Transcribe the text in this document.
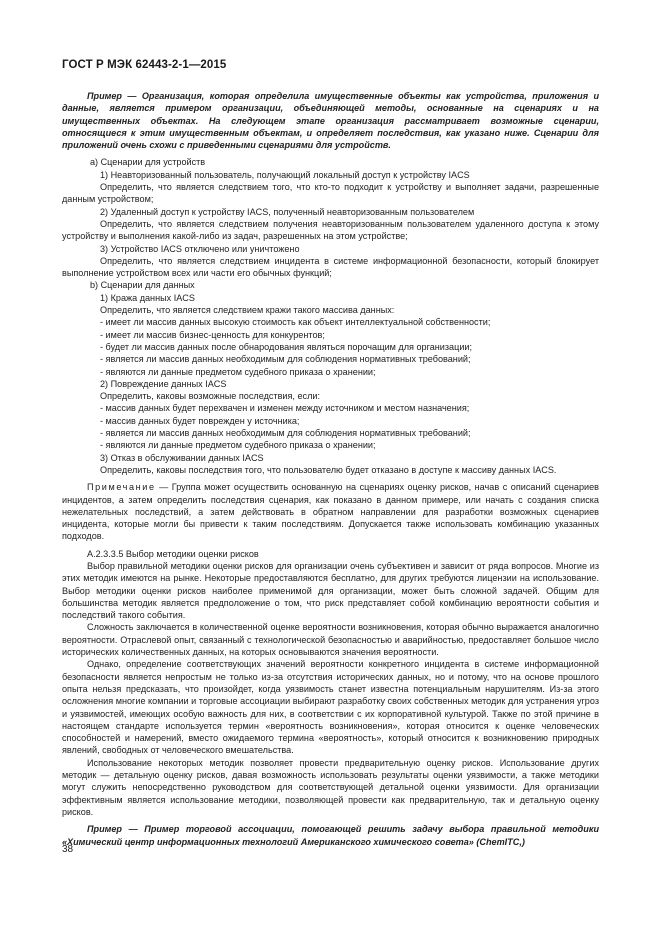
ГОСТ Р МЭК 62443-2-1—2015

Пример — Организация, которая определила имущественные объекты как устройства, приложения и данные, является примером организации, объединяющей методы, основанные на сценариях и на имущественных объектах. На следующем этапе организация рассматривает возможные сценарии, относящиеся к этим имущественным объектам, и определяет последствия, как указано ниже. Сценарии для приложений очень схожи с приведенными сценариями для устройств.

a) Сценарии для устройств

1) Неавторизованный пользователь, получающий локальный доступ к устройству IACS

Определить, что является следствием того, что кто-то подходит к устройству и выполняет задачи, разрешенные данным устройством;

2) Удаленный доступ к устройству IACS, полученный неавторизованным пользователем

Определить, что является следствием получения неавторизованным пользователем удаленного доступа к этому устройству и выполнения какой-либо из задач, разрешенных на этом устройстве;

3) Устройство IACS отключено или уничтожено

Определить, что является следствием инцидента в системе информационной безопасности, который блокирует выполнение устройством всех или части его обычных функций;

b) Сценарии для данных

1) Кража данных IACS

Определить, что является следствием кражи такого массива данных:

- имеет ли массив данных высокую стоимость как объект интеллектуальной собственности;

- имеет ли массив бизнес-ценность для конкурентов;

- будет ли массив данных после обнародования являться порочащим для организации;

- является ли массив данных необходимым для соблюдения нормативных требований;

- являются ли данные предметом судебного приказа о хранении;

2) Повреждение данных IACS

Определить, каковы возможные последствия, если:

- массив данных будет перехвачен и изменен между источником и местом назначения;

- массив данных будет поврежден у источника;

- является ли массив данных необходимым для соблюдения нормативных требований;

- являются ли данные предметом судебного приказа о хранении;

3) Отказ в обслуживании данных IACS

Определить, каковы последствия того, что пользователю будет отказано в доступе к массиву данных IACS.

Примечание — Группа может осуществить основанную на сценариях оценку рисков, начав с описаний сценариев инцидентов, а затем определить последствия сценария, как показано в данном примере, или начать с создания списка нежелательных последствий, а затем действовать в обратном направлении для разработки возможных сценариев инцидента, которые могли бы привести к таким последствиям. Допускается также использовать комбинацию указанных подходов.

А.2.3.3.5 Выбор методики оценки рисков

Выбор правильной методики оценки рисков для организации очень субъективен и зависит от ряда вопросов. Многие из этих методик имеются на рынке. Некоторые предоставляются бесплатно, для других требуются лицензии на использование. Выбор методики оценки рисков наиболее применимой для организации, может быть сложной задачей. Общим для большинства методик является предположение о том, что риск представляет собой комбинацию вероятности события и последствий такого события.

Сложность заключается в количественной оценке вероятности возникновения, которая обычно выражается аналогично вероятности. Отраслевой опыт, связанный с технологической безопасностью и аварийностью, предоставляет большое число исторических количественных данных, на которых основываются значения вероятности.

Однако, определение соответствующих значений вероятности конкретного инцидента в системе информационной безопасности является непростым не только из-за отсутствия исторических данных, но и потому, что на основе прошлого опыта нельзя предсказать, что произойдет, когда уязвимость станет известна потенциальным нарушителям. Из-за этого осложнения многие компании и торговые ассоциации выбирают разработку своих собственных методик для устранения угроз и уязвимостей, имеющих особую важность для них, в соответствии с их корпоративной культурой. Также по этой причине в настоящем стандарте используется термин «вероятность возникновения», которая относится к оценке человеческих способностей и намерений, вместо ожидаемого термина «вероятность», который относится к возникновению природных явлений, свободных от человеческого вмешательства.

Использование некоторых методик позволяет провести предварительную оценку рисков. Использование других методик — детальную оценку рисков, давая возможность использовать результаты оценки уязвимости, а также методики могут служить непосредственно руководством для соответствующей детальной оценки уязвимости. Для организации эффективным является использование методики, позволяющей провести как предварительную, так и детальную оценку рисков.

Пример — Пример торговой ассоциации, помогающей решить задачу выбора правильной методики «Химический центр информационных технологий Американского химического совета» (ChemITC,)

38
